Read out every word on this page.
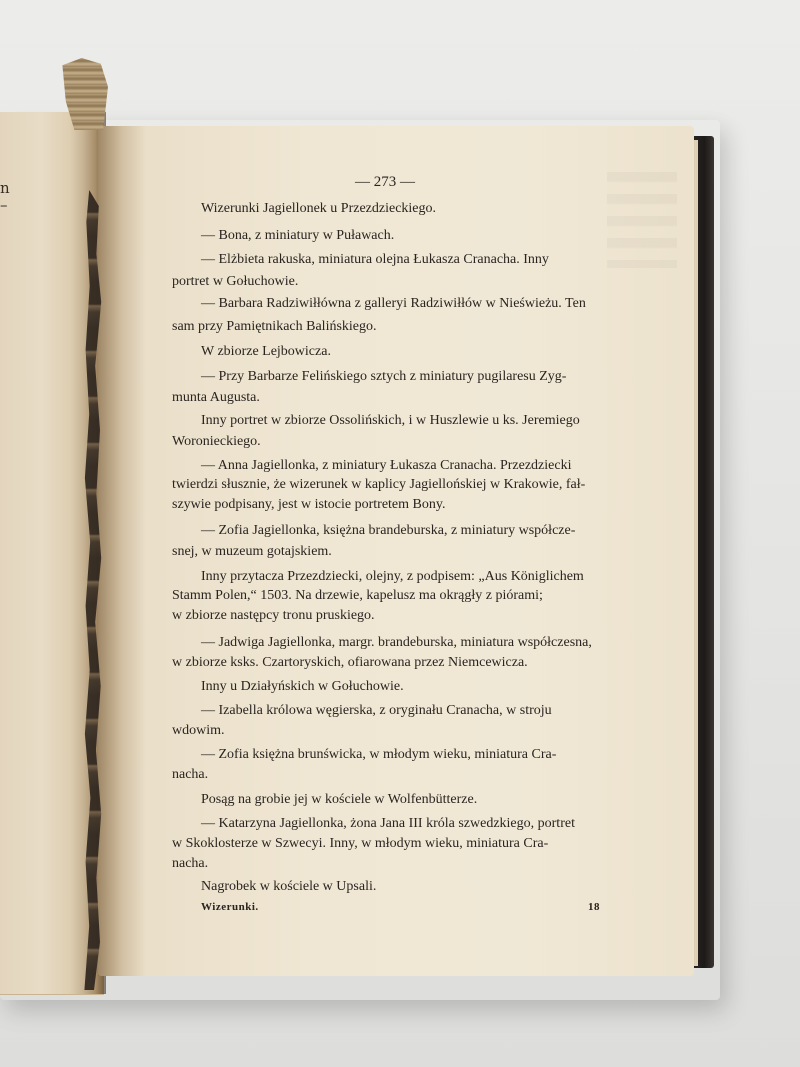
n
–
— 273 —
Wizerunki Jagiellonek u Przezdzieckiego.
— Bona, z miniatury w Puławach.
— Elżbieta rakuska, miniatura olejna Łukasza Cranacha. Inny
portret w Gołuchowie.
— Barbara Radziwiłłówna z galleryi Radziwiłłów w Nieświeżu. Ten
sam przy Pamiętnikach Balińskiego.
W zbiorze Lejbowicza.
— Przy Barbarze Felińskiego sztych z miniatury pugilaresu Zyg-
munta Augusta.
Inny portret w zbiorze Ossolińskich, i w Huszlewie u ks. Jeremiego
Woronieckiego.
— Anna Jagiellonka, z miniatury Łukasza Cranacha. Przezdziecki
twierdzi słusznie, że wizerunek w kaplicy Jagiellońskiej w Krakowie, fał-
szywie podpisany, jest w istocie portretem Bony.
— Zofia Jagiellonka, księżna brandeburska, z miniatury współcze-
snej, w muzeum gotajskiem.
Inny przytacza Przezdziecki, olejny, z podpisem: „Aus Königlichem
Stamm Polen,“ 1503. Na drzewie, kapelusz ma okrągły z piórami;
w zbiorze następcy tronu pruskiego.
— Jadwiga Jagiellonka, margr. brandeburska, miniatura współczesna,
w zbiorze ksks. Czartoryskich, ofiarowana przez Niemcewicza.
Inny u Działyńskich w Gołuchowie.
— Izabella królowa węgierska, z oryginału Cranacha, w stroju
wdowim.
— Zofia księżna brunświcka, w młodym wieku, miniatura Cra-
nacha.
Posąg na grobie jej w kościele w Wolfenbütterze.
— Katarzyna Jagiellonka, żona Jana III króla szwedzkiego, portret
w Skoklosterze w Szwecyi. Inny, w młodym wieku, miniatura Cra-
nacha.
Nagrobek w kościele w Upsali.
Wizerunki.	18
